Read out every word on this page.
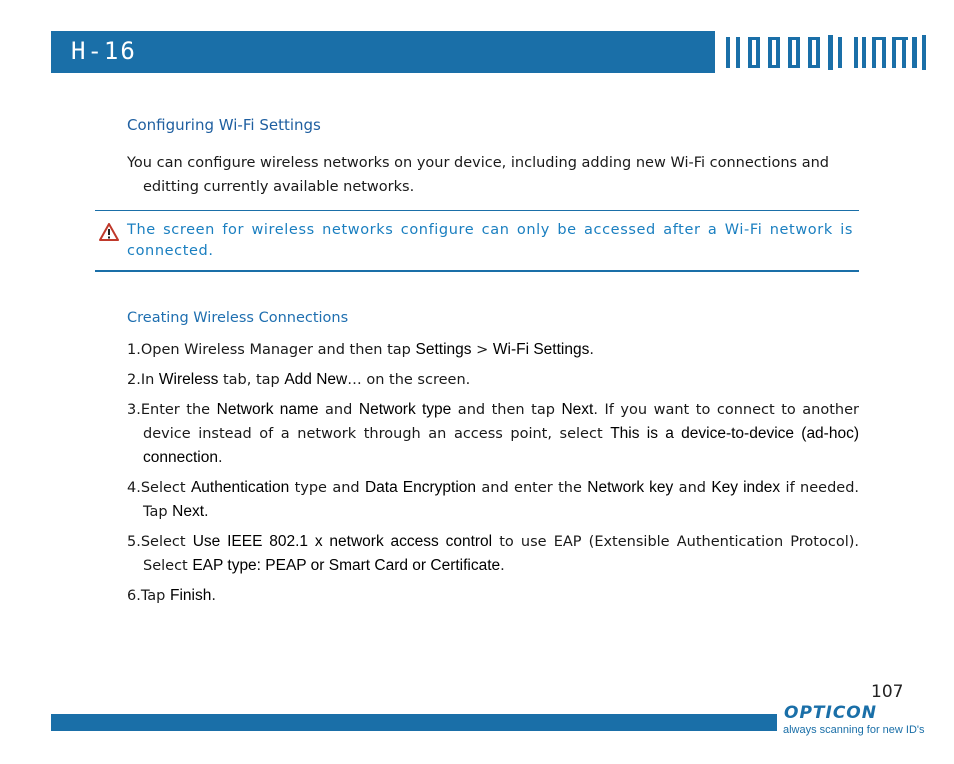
H-16
Configuring Wi-Fi Settings
You can configure wireless networks on your device, including adding new Wi-Fi connections and editting currently available networks.
The screen for wireless networks configure can only be accessed after a Wi-Fi network is connected.
Creating Wireless Connections
1.Open Wireless Manager and then tap Settings > Wi-Fi Settings.
2.In Wireless tab, tap Add New… on the screen.
3.Enter the Network name and Network type and then tap Next. If you want to connect to another device instead of a network through an access point, select This is a device-to-device (ad-hoc) connection.
4.Select Authentication type and Data Encryption and enter the Network key and Key index if needed. Tap Next.
5.Select Use IEEE 802.1 x network access control to use EAP (Extensible Authentication Protocol). Select EAP type: PEAP or Smart Card or Certificate.
6.Tap Finish.
107
OPTICON
always scanning for new ID's
